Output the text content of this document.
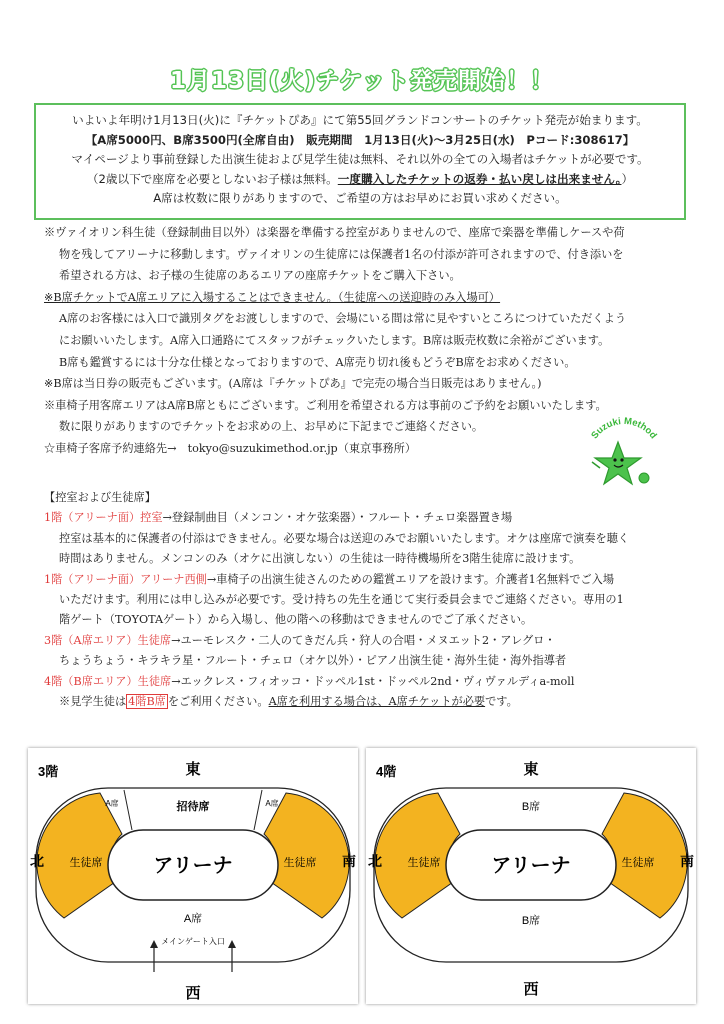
1月13日(火)チケット発売開始！！
いよいよ年明け1月13日(火)に『チケットぴあ』にて第55回グランドコンサートのチケット発売が始まります。
【A席5000円、B席3500円(全席自由)　販売期間　1月13日(火)～3月25日(水)　Pコード:308617】
マイページより事前登録した出演生徒および見学生徒は無料、それ以外の全ての入場者はチケットが必要です。
（2歳以下で座席を必要としないお子様は無料。一度購入したチケットの返券・払い戻しは出来ません。）
A席は枚数に限りがありますので、ご希望の方はお早めにお買い求めください。
※ヴァイオリン科生徒（登録制曲目以外）は楽器を準備する控室がありませんので、座席で楽器を準備しケースや荷
物を残してアリーナに移動します。ヴァイオリンの生徒席には保護者1名の付添が許可されますので、付き添いを
希望される方は、お子様の生徒席のあるエリアの座席チケットをご購入下さい。
※B席チケットでA席エリアに入場することはできません。（生徒席への送迎時のみ入場可）
A席のお客様には入口で識別タグをお渡ししますので、会場にいる間は常に見やすいところにつけていただくよう
にお願いいたします。A席入口通路にてスタッフがチェックいたします。B席は販売枚数に余裕がございます。
B席も鑑賞するには十分な仕様となっておりますので、A席売り切れ後もどうぞB席をお求めください。
※B席は当日券の販売もございます。(A席は『チケットぴあ』で完売の場合当日販売はありません。)
※車椅子用客席エリアはA席B席ともにございます。ご利用を希望される方は事前のご予約をお願いいたします。
数に限りがありますのでチケットをお求めの上、お早めに下記までご連絡ください。
☆車椅子客席予約連絡先→　tokyo@suzukimethod.or.jp（東京事務所）
Suzuki Method
【控室および生徒席】
1階（アリーナ面）控室→登録制曲目（メンコン・オケ弦楽器）・フルート・チェロ楽器置き場
控室は基本的に保護者の付添はできません。必要な場合は送迎のみでお願いいたします。オケは座席で演奏を聴く
時間はありません。メンコンのみ（オケに出演しない）の生徒は一時待機場所を3階生徒席に設けます。
1階（アリーナ面）アリーナ西側→車椅子の出演生徒さんのための鑑賞エリアを設けます。介護者1名無料でご入場
いただけます。利用には申し込みが必要です。受け持ちの先生を通じて実行委員会までご連絡ください。専用の1
階ゲート（TOYOTAゲート）から入場し、他の階への移動はできませんのでご了承ください。
3階（A席エリア）生徒席→ユーモレスク・二人のてきだん兵・狩人の合唱・メヌエット2・アレグロ・
ちょうちょう・キラキラ星・フルート・チェロ（オケ以外）・ピアノ出演生徒・海外生徒・海外指導者
4階（B席エリア）生徒席→エックレス・フィオッコ・ドッペル1st・ドッペル2nd・ヴィヴァルディa-moll
※見学生徒は 4階B席 をご利用ください。A席を利用する場合は、A席チケットが必要です。
3階	東
西
北	南
アリーナ
招待席
A席	A席
生徒席	生徒席
A席
メインゲート入口
4階	東
西
北	南
アリーナ
B席
生徒席	生徒席
B席
